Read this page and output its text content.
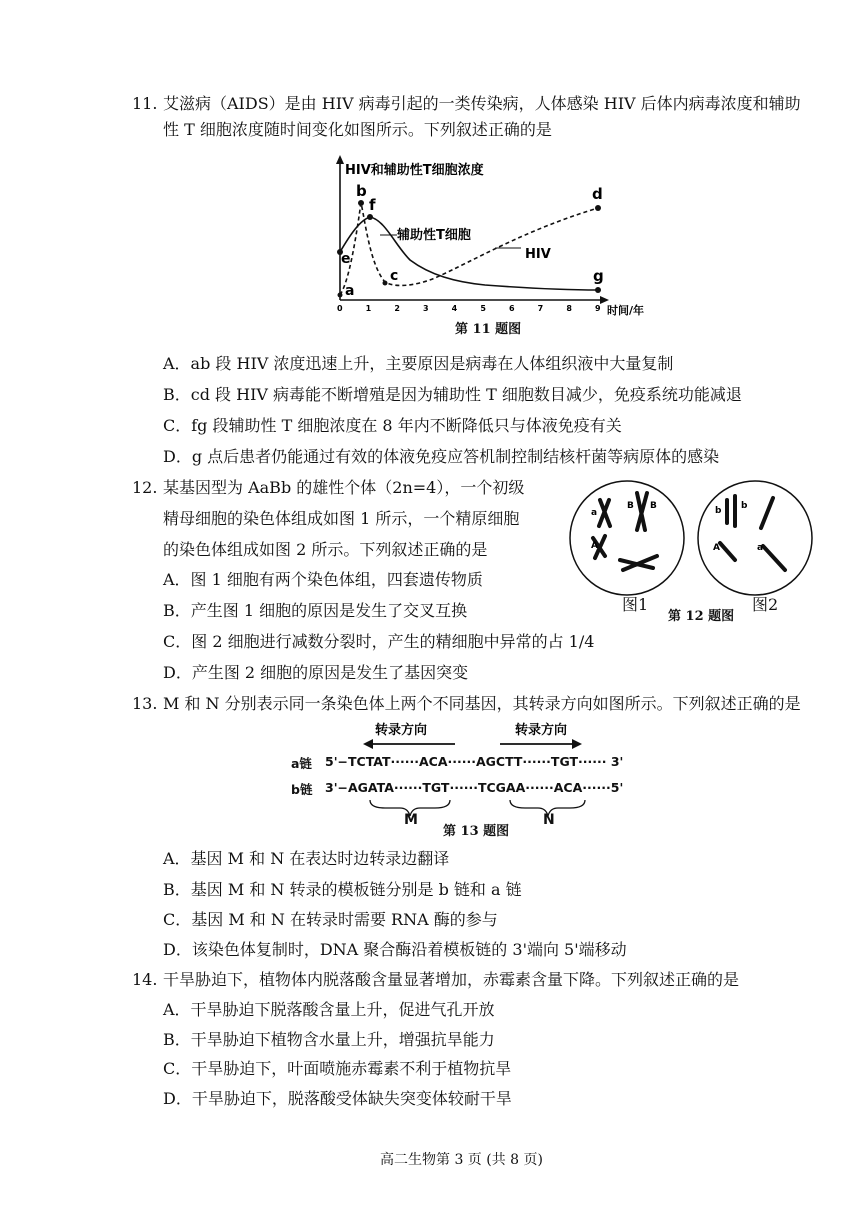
11. 艾滋病（AIDS）是由 HIV 病毒引起的一类传染病，人体感染 HIV 后体内病毒浓度和辅助
性 T 细胞浓度随时间变化如图所示。下列叙述正确的是
HIV和辅助性T细胞浓度
时间/年
0	1	2	3	4	5	6	7	8	9
a
b
c
d
e
f
g
辅助性T细胞
HIV
第 11 题图
A．ab 段 HIV 浓度迅速上升，主要原因是病毒在人体组织液中大量复制
B．cd 段 HIV 病毒能不断增殖是因为辅助性 T 细胞数目减少，免疫系统功能减退
C．fg 段辅助性 T 细胞浓度在 8 年内不断降低只与体液免疫有关
D．g 点后患者仍能通过有效的体液免疫应答机制控制结核杆菌等病原体的感染
12. 某基因型为 AaBb 的雄性个体（2n=4），一个初级
精母细胞的染色体组成如图 1 所示，一个精原细胞
的染色体组成如图 2 所示。下列叙述正确的是
A．图 1 细胞有两个染色体组，四套遗传物质
B．产生图 1 细胞的原因是发生了交叉互换
C．图 2 细胞进行减数分裂时，产生的精细胞中异常的占 1/4
D．产生图 2 细胞的原因是发生了基因突变
a
A
B B	b b
A	a
图1
第 12 题图
图2
13. M 和 N 分别表示同一条染色体上两个不同基因，其转录方向如图所示。下列叙述正确的是
转录方向	转录方向
a链 5'−TCTAT······ACA······AGCTT······TGT······ 3'
b链 3'−AGATA······TGT······TCGAA······ACA······5'
M
第 13 题图
N
A．基因 M 和 N 在表达时边转录边翻译
B．基因 M 和 N 转录的模板链分别是 b 链和 a 链
C．基因 M 和 N 在转录时需要 RNA 酶的参与
D．该染色体复制时，DNA 聚合酶沿着模板链的 3'端向 5'端移动
14. 干旱胁迫下，植物体内脱落酸含量显著增加，赤霉素含量下降。下列叙述正确的是
A．干旱胁迫下脱落酸含量上升，促进气孔开放
B．干旱胁迫下植物含水量上升，增强抗旱能力
C．干旱胁迫下，叶面喷施赤霉素不利于植物抗旱
D．干旱胁迫下，脱落酸受体缺失突变体较耐干旱
高二生物第 3 页 (共 8 页)
